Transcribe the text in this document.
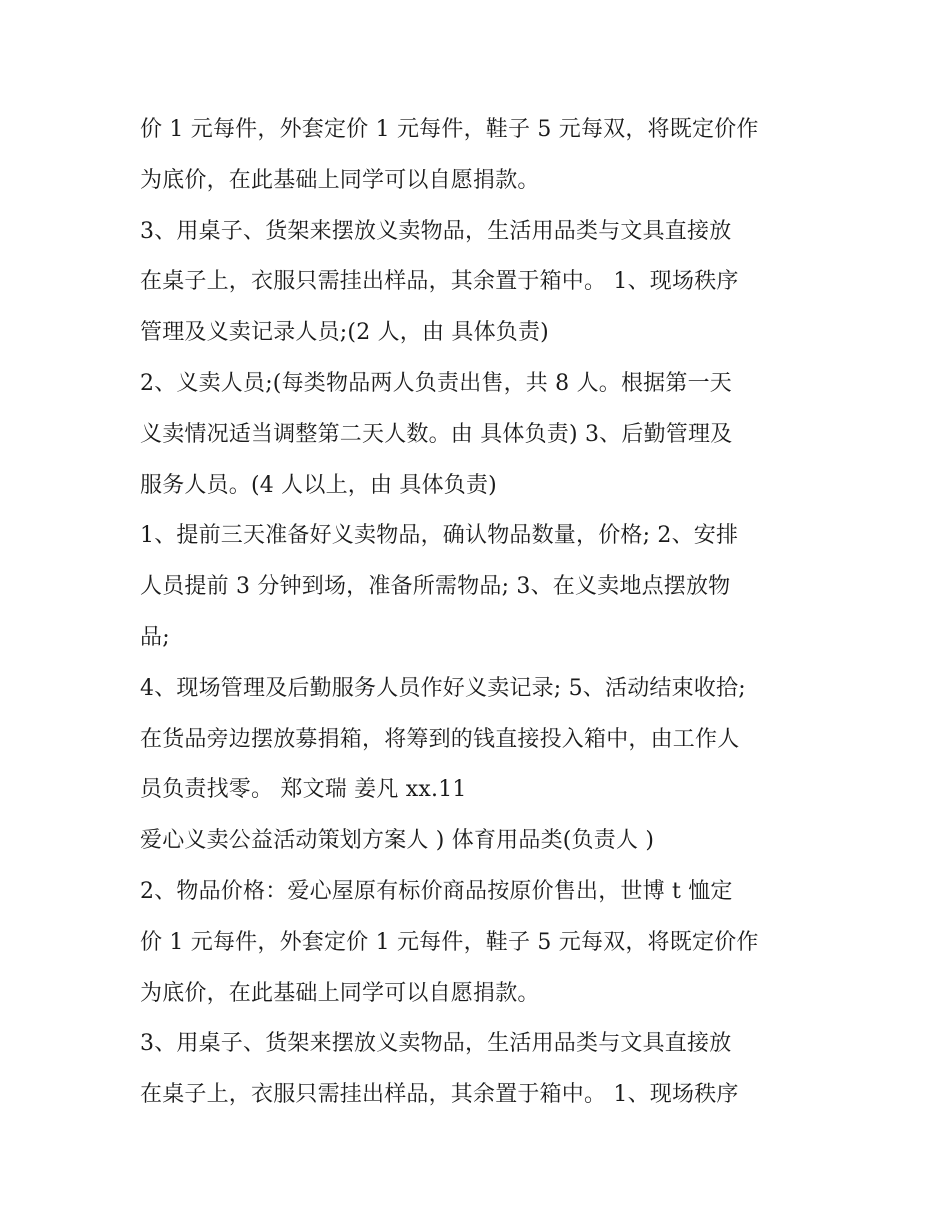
价 1 元每件，外套定价 1 元每件，鞋子 5 元每双，将既定价作
为底价，在此基础上同学可以自愿捐款。
3、用桌子、货架来摆放义卖物品，生活用品类与文具直接放
在桌子上，衣服只需挂出样品，其余置于箱中。 1、现场秩序
管理及义卖记录人员;(2 人，由 具体负责)
2、义卖人员;(每类物品两人负责出售，共 8 人。根据第一天
义卖情况适当调整第二天人数。由 具体负责) 3、后勤管理及
服务人员。(4 人以上，由 具体负责)
1、提前三天准备好义卖物品，确认物品数量，价格; 2、安排
人员提前 3 分钟到场，准备所需物品; 3、在义卖地点摆放物
品;
4、现场管理及后勤服务人员作好义卖记录; 5、活动结束收拾;
在货品旁边摆放募捐箱，将筹到的钱直接投入箱中，由工作人
员负责找零。 郑文瑞 姜凡 xx.11
爱心义卖公益活动策划方案人 ) 体育用品类(负责人 )
2、物品价格：爱心屋原有标价商品按原价售出，世博 t 恤定
价 1 元每件，外套定价 1 元每件，鞋子 5 元每双，将既定价作
为底价，在此基础上同学可以自愿捐款。
3、用桌子、货架来摆放义卖物品，生活用品类与文具直接放
在桌子上，衣服只需挂出样品，其余置于箱中。 1、现场秩序
